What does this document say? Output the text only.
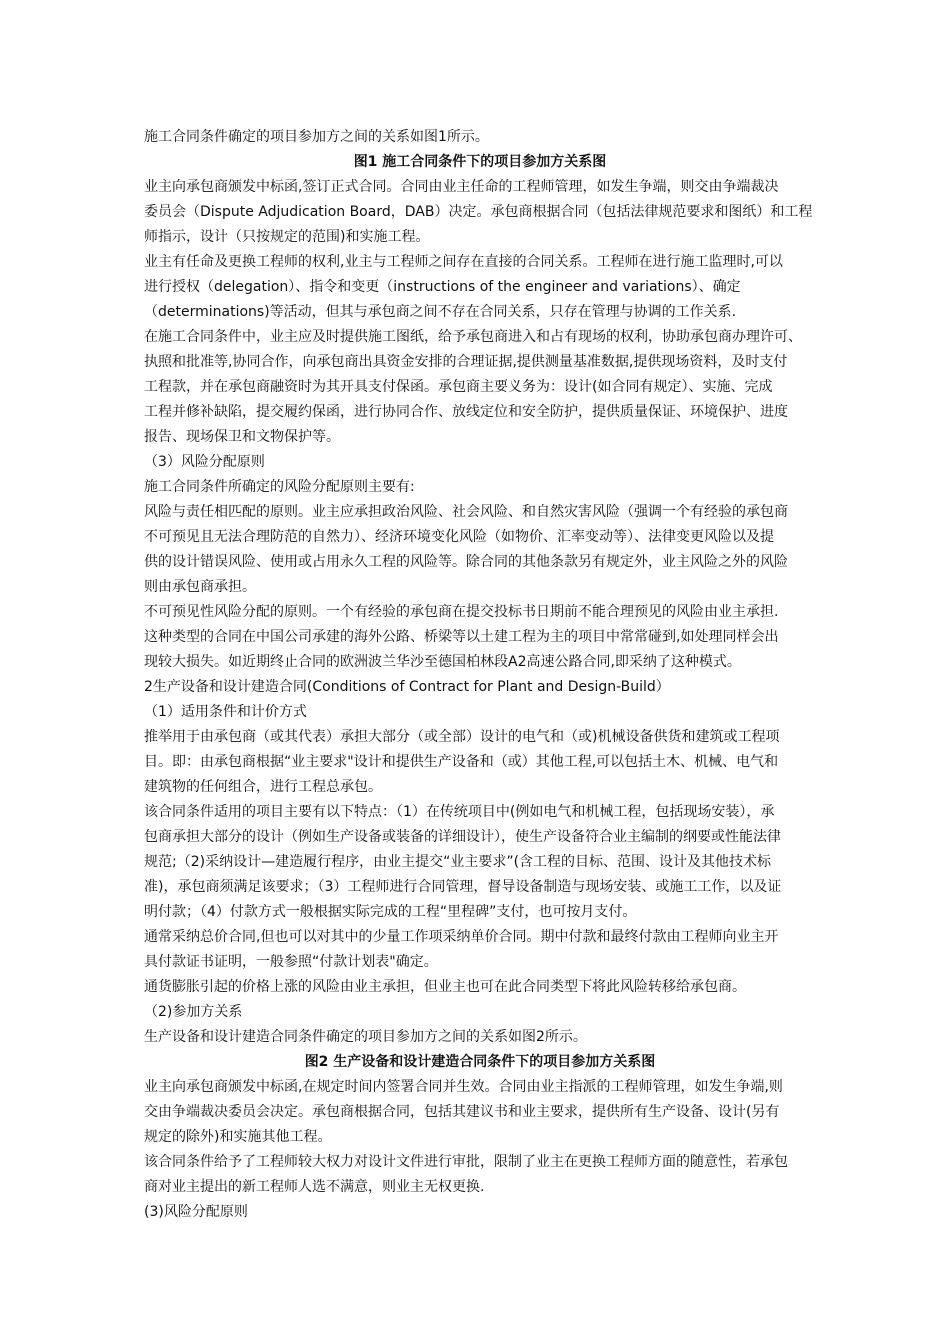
施工合同条件确定的项目参加方之间的关系如图1所示。
图1 施工合同条件下的项目参加方关系图
业主向承包商颁发中标函,签订正式合同。合同由业主任命的工程师管理，如发生争端，则交由争端裁决
委员会（Dispute Adjudication Board，DAB）决定。承包商根据合同（包括法律规范要求和图纸）和工程
师指示，设计（只按规定的范围)和实施工程。
业主有任命及更换工程师的权利,业主与工程师之间存在直接的合同关系。工程师在进行施工监理时,可以
进行授权（delegation）、指令和变更（instructions of the engineer and variations）、确定
（determinations)等活动，但其与承包商之间不存在合同关系，只存在管理与协调的工作关系.
在施工合同条件中，业主应及时提供施工图纸，给予承包商进入和占有现场的权利，协助承包商办理许可、
执照和批准等,协同合作，向承包商出具资金安排的合理证据,提供测量基准数据,提供现场资料，及时支付
工程款，并在承包商融资时为其开具支付保函。承包商主要义务为：设计(如合同有规定）、实施、完成
工程并修补缺陷，提交履约保函，进行协同合作、放线定位和安全防护，提供质量保证、环境保护、进度
报告、现场保卫和文物保护等。
（3）风险分配原则
施工合同条件所确定的风险分配原则主要有:
风险与责任相匹配的原则。业主应承担政治风险、社会风险、和自然灾害风险（强调一个有经验的承包商
不可预见且无法合理防范的自然力）、经济环境变化风险（如物价、汇率变动等）、法律变更风险以及提
供的设计错误风险、使用或占用永久工程的风险等。除合同的其他条款另有规定外，业主风险之外的风险
则由承包商承担。
不可预见性风险分配的原则。一个有经验的承包商在提交投标书日期前不能合理预见的风险由业主承担.
这种类型的合同在中国公司承建的海外公路、桥梁等以土建工程为主的项目中常常碰到,如处理同样会出
现较大损失。如近期终止合同的欧洲波兰华沙至德国柏林段A2高速公路合同,即采纳了这种模式。
2生产设备和设计建造合同(Conditions of Contract for Plant and Design-Build）
（1）适用条件和计价方式
推举用于由承包商（或其代表）承担大部分（或全部）设计的电气和（或)机械设备供货和建筑或工程项
目。即：由承包商根据“业主要求"设计和提供生产设备和（或）其他工程,可以包括土木、机械、电气和
建筑物的任何组合，进行工程总承包。
该合同条件适用的项目主要有以下特点：（1）在传统项目中(例如电气和机械工程，包括现场安装），承
包商承担大部分的设计（例如生产设备或装备的详细设计），使生产设备符合业主编制的纲要或性能法律
规范;（2)采纳设计—建造履行程序，由业主提交“业主要求”(含工程的目标、范围、设计及其他技术标
准)，承包商须满足该要求；（3）工程师进行合同管理，督导设备制造与现场安装、或施工工作，以及证
明付款；（4）付款方式一般根据实际完成的工程“里程碑”支付，也可按月支付。
通常采纳总价合同,但也可以对其中的少量工作项采纳单价合同。期中付款和最终付款由工程师向业主开
具付款证书证明，一般参照“付款计划表"确定。
通货膨胀引起的价格上涨的风险由业主承担，但业主也可在此合同类型下将此风险转移给承包商。
（2)参加方关系
生产设备和设计建造合同条件确定的项目参加方之间的关系如图2所示。
图2 生产设备和设计建造合同条件下的项目参加方关系图
业主向承包商颁发中标函,在规定时间内签署合同并生效。合同由业主指派的工程师管理，如发生争端,则
交由争端裁决委员会决定。承包商根据合同，包括其建议书和业主要求，提供所有生产设备、设计(另有
规定的除外)和实施其他工程。
该合同条件给予了工程师较大权力对设计文件进行审批，限制了业主在更换工程师方面的随意性，若承包
商对业主提出的新工程师人选不满意，则业主无权更换.
(3)风险分配原则
